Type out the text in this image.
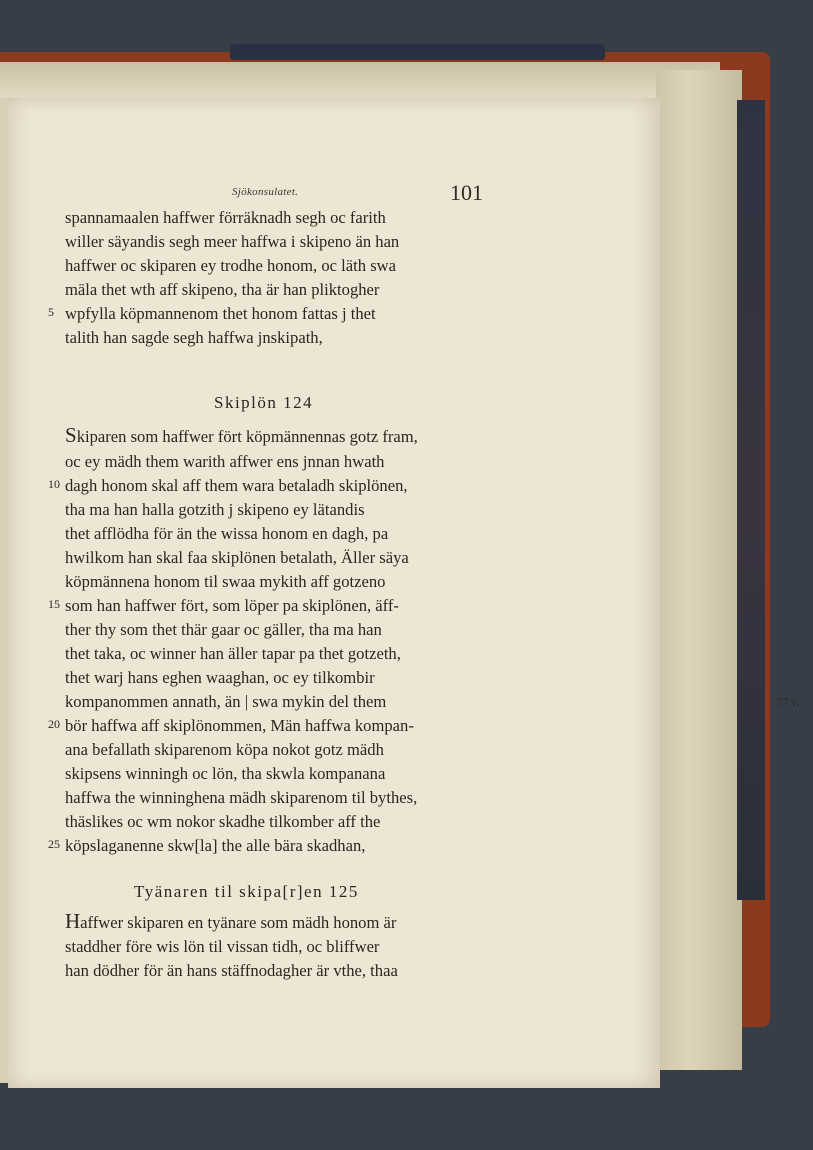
Sjökonsulatet.	101
spannamaalen haffwer förräknadh segh oc farith
willer säyandis segh meer haffwa i skipeno än han
haffwer oc skiparen ey trodhe honom, oc läth swa
mäla thet wth aff skipeno, tha är han pliktogher
5 wpfylla köpmannenom thet honom fattas j thet
talith han sagde segh haffwa jnskipath,
Skiplön 124
Skiparen som haffwer fört köpmännennas gotz fram,
oc ey mädh them warith affwer ens jnnan hwath
10 dagh honom skal aff them wara betaladh skiplönen,
tha ma han halla gotzith j skipeno ey lätandis
thet afflödha för än the wissa honom en dagh, pa
hwilkom han skal faa skiplönen betalath, Äller säya
köpmännena honom til swaa mykith aff gotzeno
15 som han haffwer fört, som löper pa skiplönen, äff-
ther thy som thet thär gaar oc gäller, tha ma han
thet taka, oc winner han äller tapar pa thet gotzeth,
thet warj hans eghen waaghan, oc ey tilkombir
kompanommen annath, än | swa mykin del them	77 v.
20 bör haffwa aff skiplönommen, Män haffwa kompan-
ana befallath skiparenom köpa nokot gotz mädh
skipsens winningh oc lön, tha skwla kompanana
haffwa the winninghena mädh skiparenom til bythes,
thäslikes oc wm nokor skadhe tilkomber aff the
25 köpslaganenne skw[la] the alle bära skadhan,
Tyänaren til skipa[r]en 125
Haffwer skiparen en tyänare som mädh honom är
staddher före wis lön til vissan tidh, oc bliffwer
han dödher för än hans stäffnodagher är vthe, thaa
